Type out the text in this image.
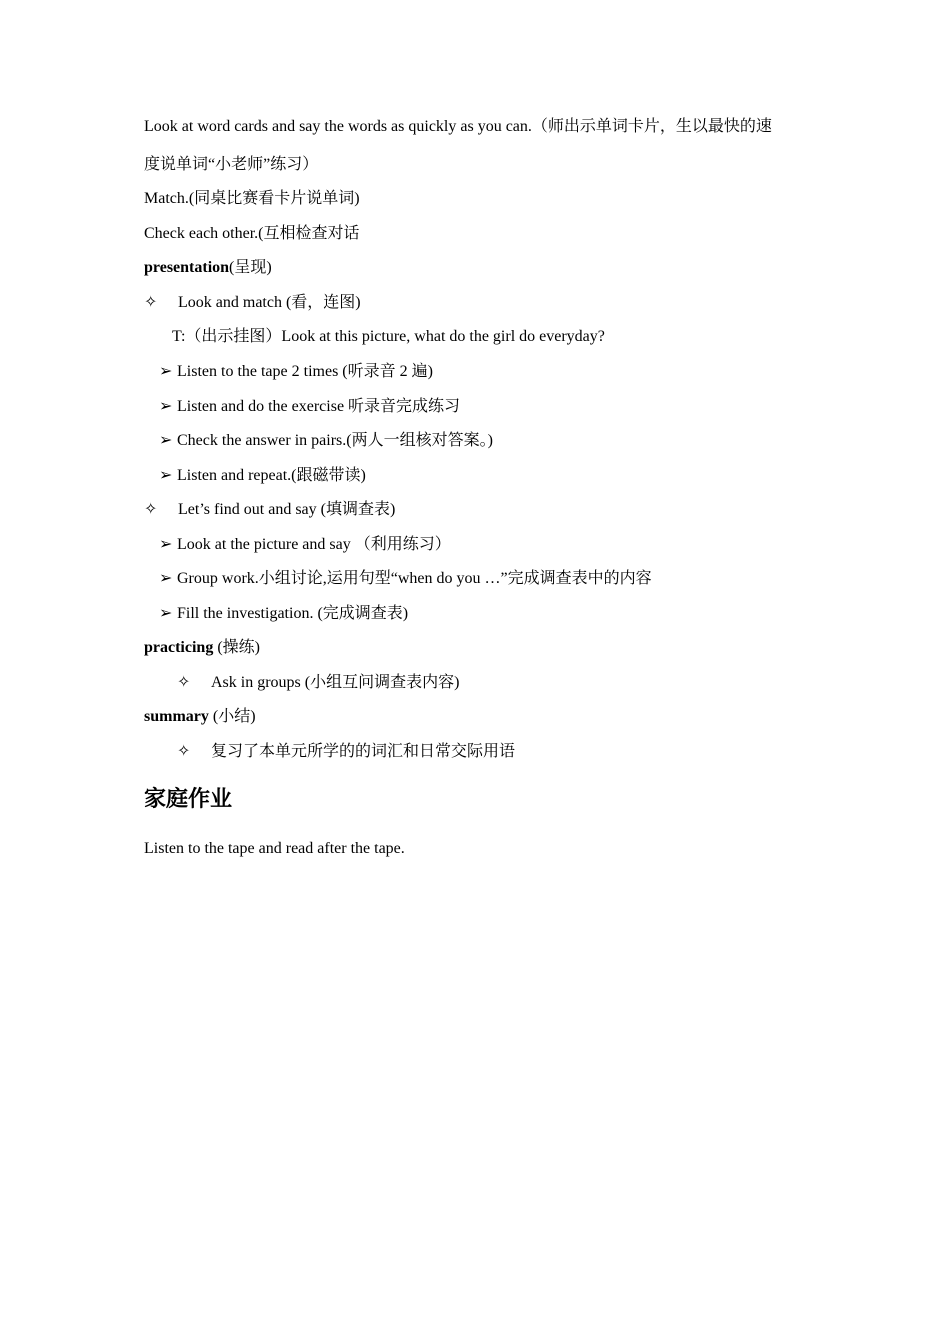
Look at word cards and say the words as quickly as you can.（师出示单词卡片，生以最快的速
度说单词“小老师”练习）
Match.(同桌比赛看卡片说单词)
Check each other.(互相检查对话
presentation(呈现)
✧ Look and match (看，连图)
T:（出示挂图）Look at this picture, what do the girl do everyday?
➢ Listen to the tape 2 times (听录音 2 遍)
➢ Listen and do the exercise 听录音完成练习
➢ Check the answer in pairs.(两人一组核对答案。)
➢ Listen and repeat.(跟磁带读)
✧ Let’s find out and say (填调查表)
➢ Look at the picture and say （利用练习）
➢ Group work.小组讨论,运用句型“when do you …”完成调查表中的内容
➢ Fill the investigation. (完成调查表)
practicing (操练)
✧ Ask in groups (小组互问调查表内容)
summary (小结)
✧ 复习了本单元所学的的词汇和日常交际用语
家庭作业
Listen to the tape and read after the tape.
